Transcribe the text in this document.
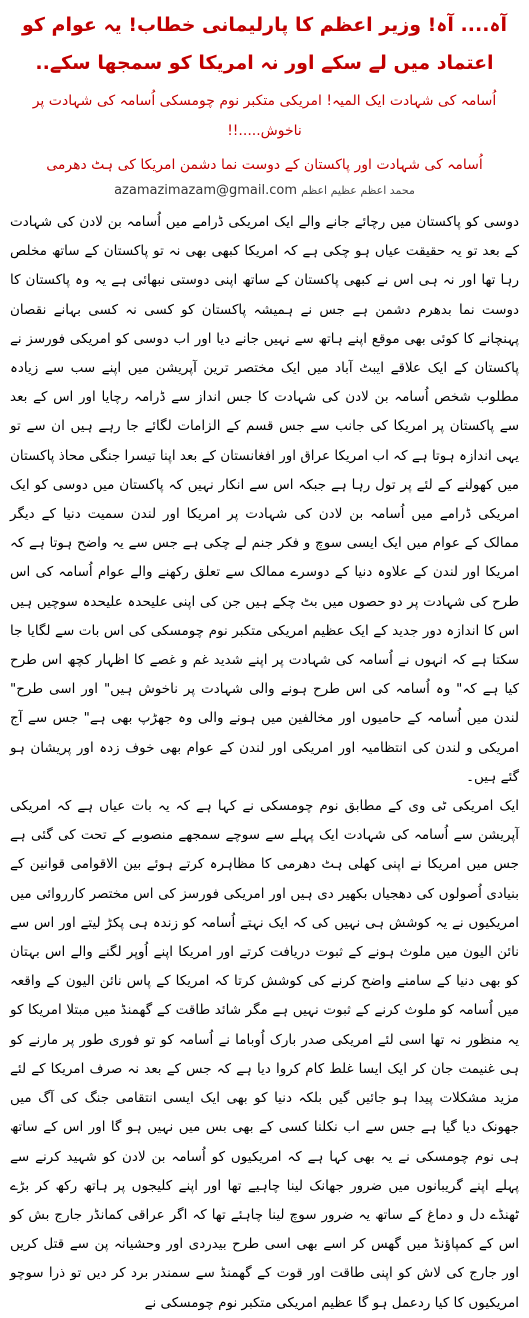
آہ.... آہ! وزیر اعظم کا پارلیمانی خطاب! یہ عوام کو اعتماد میں لے سکے اور نہ امریکا کو سمجھا سکے..
اُسامہ کی شہادت ایک المیہ! امریکی متکبر نوم چومسکی اُسامہ کی شہادت پر ناخوش.....!!
اُسامہ کی شہادت اور پاکستان کے دوست نما دشمن امریکا کی ہٹ دھرمی
azamazimazam@gmail.com محمد اعظم عظیم اعظم

دوسی کو پاکستان میں رچائے جانے والے ایک امریکی ڈرامے میں اُسامہ بن لادن کی شہادت کے بعد تو یہ حقیقت عیاں ہو چکی ہے کہ امریکا کبھی بھی نہ تو پاکستان کے ساتھ مخلص رہا تھا اور نہ ہی اس نے کبھی پاکستان کے ساتھ اپنی دوستی نبھائی ہے یہ وہ پاکستان کا دوست نما بدھرم دشمن ہے جس نے ہمیشہ پاکستان کو کسی نہ کسی بہانے نقصان پہنچانے کا کوئی بھی موقع اپنے ہاتھ سے نہیں جانے دیا اور اب دوسی کو امریکی فورسز نے پاکستان کے ایک علاقے ایبٹ آباد میں ایک مختصر ترین آپریشن میں اپنے سب سے زیادہ مطلوب شخص اُسامہ بن لادن کی شہادت کا جس انداز سے ڈرامہ رچایا اور اس کے بعد سے پاکستان پر امریکا کی جانب سے جس قسم کے الزامات لگائے جا رہے ہیں ان سے تو یہی اندازہ ہوتا ہے کہ اب امریکا عراق اور افغانستان کے بعد اپنا تیسرا جنگی محاذ پاکستان میں کھولنے کے لئے پر تول رہا ہے جبکہ اس سے انکار نہیں کہ پاکستان میں دوسی کو ایک امریکی ڈرامے میں اُسامہ بن لادن کی شہادت پر امریکا اور لندن سمیت دنیا کے دیگر ممالک کے عوام میں ایک ایسی سوچ و فکر جنم لے چکی ہے جس سے یہ واضح ہوتا ہے کہ امریکا اور لندن کے علاوہ دنیا کے دوسرے ممالک سے تعلق رکھنے والے عوام اُسامہ کی اس طرح کی شہادت پر دو حصوں میں بٹ چکے ہیں جن کی اپنی علیحدہ علیحدہ سوچیں ہیں اس کا اندازہ دور جدید کے ایک عظیم امریکی متکبر نوم چومسکی کی اس بات سے لگایا جا سکتا ہے کہ انہوں نے اُسامہ کی شہادت پر اپنے شدید غم و غصے کا اظہار کچھ اس طرح کیا ہے کہ" وہ اُسامہ کی اس طرح ہونے والی شہادت پر ناخوش ہیں" اور اسی طرح" لندن میں اُسامہ کے حامیوں اور مخالفین میں ہونے والی وہ جھڑپ بھی ہے" جس سے آج امریکی و لندن کی انتظامیہ اور امریکی اور لندن کے عوام بھی خوف زدہ اور پریشان ہو گئے ہیں۔

ایک امریکی ٹی وی کے مطابق نوم چومسکی نے کہا ہے کہ یہ بات عیاں ہے کہ امریکی آپریشن سے اُسامہ کی شہادت ایک پہلے سے سوچے سمجھے منصوبے کے تحت کی گئی ہے جس میں امریکا نے اپنی کھلی ہٹ دھرمی کا مظاہرہ کرتے ہوئے بین الاقوامی قوانین کے بنیادی اُصولوں کی دھجیاں بکھیر دی ہیں اور امریکی فورسز کی اس مختصر کارروائی میں امریکیوں نے یہ کوشش ہی نہیں کی کہ ایک نہتے اُسامہ کو زندہ ہی پکڑ لیتے اور اس سے نائن الیون میں ملوث ہونے کے ثبوت دریافت کرتے اور امریکا اپنے اُوپر لگنے والے اس بہتان کو بھی دنیا کے سامنے واضح کرنے کی کوشش کرتا کہ امریکا کے پاس نائن الیون کے واقعہ میں اُسامہ کو ملوث کرنے کے ثبوت نہیں ہے مگر شائد طاقت کے گھمنڈ میں مبتلا امریکا کو یہ منظور نہ تھا اسی لئے امریکی صدر بارک اُوباما نے اُسامہ کو تو فوری طور پر مارنے کو ہی غنیمت جان کر ایک ایسا غلط کام کروا دیا ہے کہ جس کے بعد نہ صرف امریکا کے لئے مزید مشکلات پیدا ہو جائیں گیں بلکہ دنیا کو بھی ایک ایسی انتقامی جنگ کی آگ میں جھونک دیا گیا ہے جس سے اب نکلنا کسی کے بھی بس میں نہیں ہو گا اور اس کے ساتھ ہی نوم چومسکی نے یہ بھی کہا ہے کہ امریکیوں کو اُسامہ بن لادن کو شہید کرنے سے پہلے اپنے گریبانوں میں ضرور جھانک لینا چاہیے تھا اور اپنے کلیجوں پر ہاتھ رکھ کر بڑے ٹھنڈے دل و دماغ کے ساتھ یہ ضرور سوچ لینا چاہئے تھا کہ اگر عراقی کمانڈر جارج بش کو اس کے کمپاؤنڈ میں گھس کر اسے بھی اسی طرح بیدردی اور وحشیانہ پن سے قتل کریں اور جارج کی لاش کو اپنی طاقت اور قوت کے گھمنڈ سے سمندر برد کر دیں تو ذرا سوچو امریکیوں کا کیا ردعمل ہو گا عظیم امریکی متکبر نوم چومسکی نے
